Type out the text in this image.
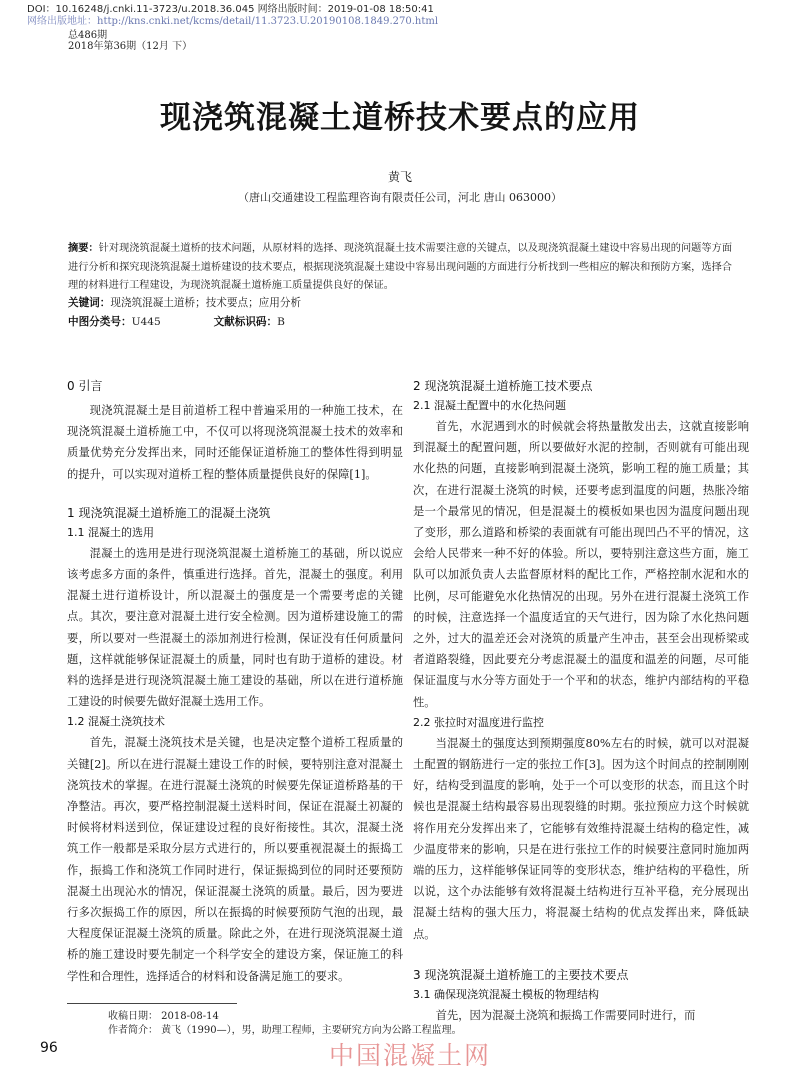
DOI：10.16248/j.cnki.11-3723/u.2018.36.045 网络出版时间：2019-01-08 18:50:41
网络出版地址：http://kns.cnki.net/kcms/detail/11.3723.U.20190108.1849.270.html
总486期
2018年第36期（12月 下）
现浇筑混凝土道桥技术要点的应用
黄飞
（唐山交通建设工程监理咨询有限责任公司，河北 唐山 063000）
摘要：针对现浇筑混凝土道桥的技术问题，从原材料的选择、现浇筑混凝土技术需要注意的关键点，以及现浇筑混凝土建设中容易出现的问题等方面进行分析和探究现浇筑混凝土道桥建设的技术要点，根据现浇筑混凝土建设中容易出现问题的方面进行分析找到一些相应的解决和预防方案，选择合理的材料进行工程建设，为现浇筑混凝土道桥施工质量提供良好的保证。
关键词：现浇筑混凝土道桥；技术要点；应用分析
中图分类号：U445	文献标识码：B
0 引言

现浇筑混凝土是目前道桥工程中普遍采用的一种施工技术，在现浇筑混凝土道桥施工中，不仅可以将现浇筑混凝土技术的效率和质量优势充分发挥出来，同时还能保证道桥施工的整体性得到明显的提升，可以实现对道桥工程的整体质量提供良好的保障[1]。

1 现浇筑混凝土道桥施工的混凝土浇筑
1.1 混凝土的选用

混凝土的选用是进行现浇筑混凝土道桥施工的基础，所以说应该考虑多方面的条件，慎重进行选择。首先，混凝土的强度。利用混凝土进行道桥设计，所以混凝土的强度是一个需要考虑的关键点。其次，要注意对混凝土进行安全检测。因为道桥建设施工的需要，所以要对一些混凝土的添加剂进行检测，保证没有任何质量问题，这样就能够保证混凝土的质量，同时也有助于道桥的建设。材料的选择是进行现浇筑混凝土施工建设的基础，所以在进行道桥施工建设的时候要先做好混凝土选用工作。

1.2 混凝土浇筑技术

首先，混凝土浇筑技术是关键，也是决定整个道桥工程质量的关键[2]。所以在进行混凝土建设工作的时候，要特别注意对混凝土浇筑技术的掌握。在进行混凝土浇筑的时候要先保证道桥路基的干净整洁。再次，要严格控制混凝土送料时间，保证在混凝土初凝的时候将材料送到位，保证建设过程的良好衔接性。其次，混凝土浇筑工作一般都是采取分层方式进行的，所以要重视混凝土的振捣工作，振捣工作和浇筑工作同时进行，保证振捣到位的同时还要预防混凝土出现沁水的情况，保证混凝土浇筑的质量。最后，因为要进行多次振捣工作的原因，所以在振捣的时候要预防气泡的出现，最大程度保证混凝土浇筑的质量。除此之外，在进行现浇筑混凝土道桥的施工建设时要先制定一个科学安全的建设方案，保证施工的科学性和合理性，选择适合的材料和设备满足施工的要求。

2 现浇筑混凝土道桥施工技术要点
2.1 混凝土配置中的水化热问题

首先，水泥遇到水的时候就会将热量散发出去，这就直接影响到混凝土的配置问题，所以要做好水泥的控制，否则就有可能出现水化热的问题，直接影响到混凝土浇筑，影响工程的施工质量；其次，在进行混凝土浇筑的时候，还要考虑到温度的问题，热胀冷缩是一个最常见的情况，但是混凝土的模板如果也因为温度问题出现了变形，那么道路和桥梁的表面就有可能出现凹凸不平的情况，这会给人民带来一种不好的体验。所以，要特别注意这些方面，施工队可以加派负责人去监督原材料的配比工作，严格控制水泥和水的比例，尽可能避免水化热情况的出现。另外在进行混凝土浇筑工作的时候，注意选择一个温度适宜的天气进行，因为除了水化热问题之外，过大的温差还会对浇筑的质量产生冲击，甚至会出现桥梁或者道路裂缝，因此要充分考虑混凝土的温度和温差的问题，尽可能保证温度与水分等方面处于一个平和的状态，维护内部结构的平稳性。

2.2 张拉时对温度进行监控

当混凝土的强度达到预期强度80%左右的时候，就可以对混凝土配置的钢筋进行一定的张拉工作[3]。因为这个时间点的控制刚刚好，结构受到温度的影响，处于一个可以变形的状态，而且这个时候也是混凝土结构最容易出现裂缝的时期。张拉预应力这个时候就将作用充分发挥出来了，它能够有效维持混凝土结构的稳定性，减少温度带来的影响，只是在进行张拉工作的时候要注意同时施加两端的压力，这样能够保证同等的变形状态，维护结构的平稳性，所以说，这个办法能够有效将混凝土结构进行互补平稳，充分展现出混凝土结构的强大压力，将混凝土结构的优点发挥出来，降低缺点。

3 现浇筑混凝土道桥施工的主要技术要点
3.1 确保现浇筑混凝土模板的物理结构

首先，因为混凝土浇筑和振捣工作需要同时进行，而

收稿日期： 2018-08-14
作者简介： 黄飞（1990—），男，助理工程师，主要研究方向为公路工程监理。
96	中国混凝土网
